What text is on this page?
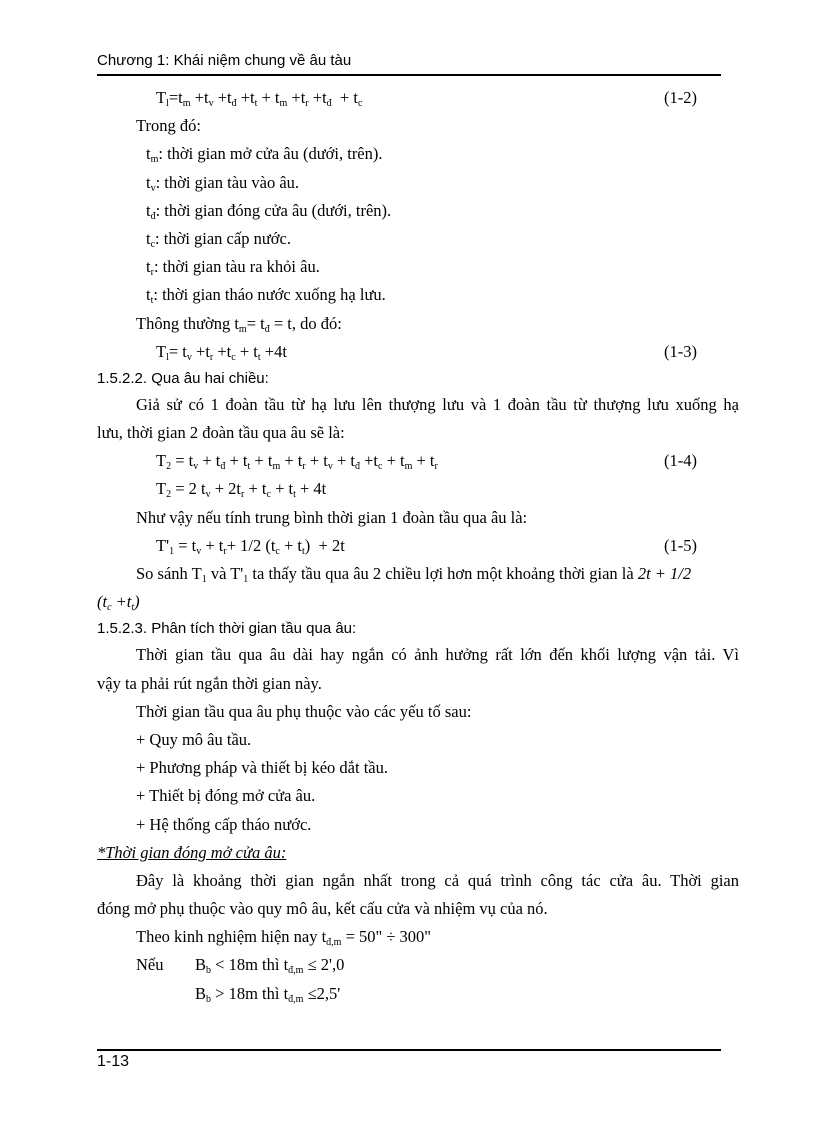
Chương 1: Khái niệm chung về âu tàu
$T_l=t_m +t_v +t_đ +t_t + t_m +t_r +t_đ + t_c$	(1-2)
Trong đó:
$t_m$: thời gian mở cửa âu (dưới, trên).
$t_v$: thời gian tàu vào âu.
$t_đ$: thời gian đóng cửa âu (dưới, trên).
$t_c$: thời gian cấp nước.
$t_r$: thời gian tàu ra khỏi âu.
$t_t$: thời gian tháo nước xuống hạ lưu.
Thông thường $t_m= t_đ = t$, do đó:
$T_l= t_v +t_r +t_c + t_t +4t$	(1-3)
1.5.2.2. Qua âu hai chiều:
Giả sử có 1 đoàn tầu từ hạ lưu lên thượng lưu và 1 đoàn tầu từ thượng lưu xuống hạ
lưu, thời gian 2 đoàn tầu qua âu sẽ là:
$T_2 = t_v + t_đ + t_t + t_m + t_r + t_v + t_đ +t_c + t_m + t_r$	(1-4)
$T_2 = 2$ $t_v + 2t_r + t_c + t_t + 4t$
Như vậy nếu tính trung bình thời gian 1 đoàn tầu qua âu là:
$T'_1 = t_v + t_r+ 1/2$ $(t_c + t_t) + 2t$	(1-5)
So sánh $T_1$ và $T'_1$ ta thấy tầu qua âu 2 chiều lợi hơn một khoảng thời gian là 2t + 1/2
$(t_c +t_t)$
1.5.2.3. Phân tích thời gian tầu qua âu:
Thời gian tầu qua âu dài hay ngắn có ảnh hưởng rất lớn đến khối lượng vận tải. Vì
vậy ta phải rút ngắn thời gian này.
Thời gian tầu qua âu phụ thuộc vào các yếu tố sau:
+ Quy mô âu tầu.
+ Phương pháp và thiết bị kéo dắt tầu.
+ Thiết bị đóng mở cửa âu.
+ Hệ thống cấp tháo nước.
*Thời gian đóng mở cửa âu:
Đây là khoảng thời gian ngắn nhất trong cả quá trình công tác cửa âu. Thời gian
đóng mở phụ thuộc vào quy mô âu, kết cấu cửa và nhiệm vụ của nó.
Theo kinh nghiệm hiện nay $t_{đ,m} = 50$" ÷ 300"
Nếu $B_b < 18m$ thì $t_{đ,m} \le 2',0$
$B_b > 18m$ thì $t_{đ,m} \le 2,5'$
1-13
